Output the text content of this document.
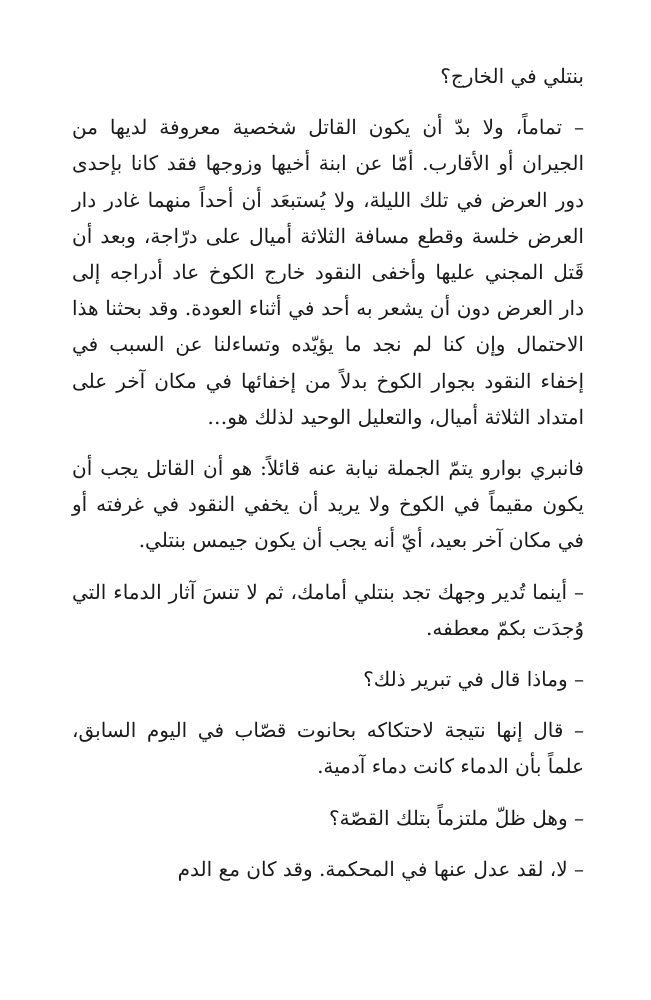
بنتلي في الخارج؟

– تماماً، ولا بدّ أن يكون القاتل شخصية معروفة لديها من الجيران أو الأقارب. أمّا عن ابنة أخيها وزوجها فقد كانا بإحدى دور العرض في تلك الليلة، ولا يُستبعَد أن أحداً منهما غادر دار العرض خلسة وقطع مسافة الثلاثة أميال على درّاجة، وبعد أن قَتل المجني عليها وأخفى النقود خارج الكوخ عاد أدراجه إلى دار العرض دون أن يشعر به أحد في أثناء العودة. وقد بحثنا هذا الاحتمال وإن كنا لم نجد ما يؤيّده وتساءلنا عن السبب في إخفاء النقود بجوار الكوخ بدلاً من إخفائها في مكان آخر على امتداد الثلاثة أميال، والتعليل الوحيد لذلك هو…

فانبري بوارو يتمّ الجملة نيابة عنه قائلاً: هو أن القاتل يجب أن يكون مقيماً في الكوخ ولا يريد أن يخفي النقود في غرفته أو في مكان آخر بعيد، أيّ أنه يجب أن يكون جيمس بنتلي.

– أينما تُدير وجهك تجد بنتلي أمامك، ثم لا تنسَ آثار الدماء التي وُجدَت بكمّ معطفه.

– وماذا قال في تبرير ذلك؟

– قال إنها نتيجة لاحتكاكه بحانوت قصّاب في اليوم السابق، علماً بأن الدماء كانت دماء آدمية.

– وهل ظلّ ملتزماً بتلك القصّة؟

– لا، لقد عدل عنها في المحكمة. وقد كان مع الدم
